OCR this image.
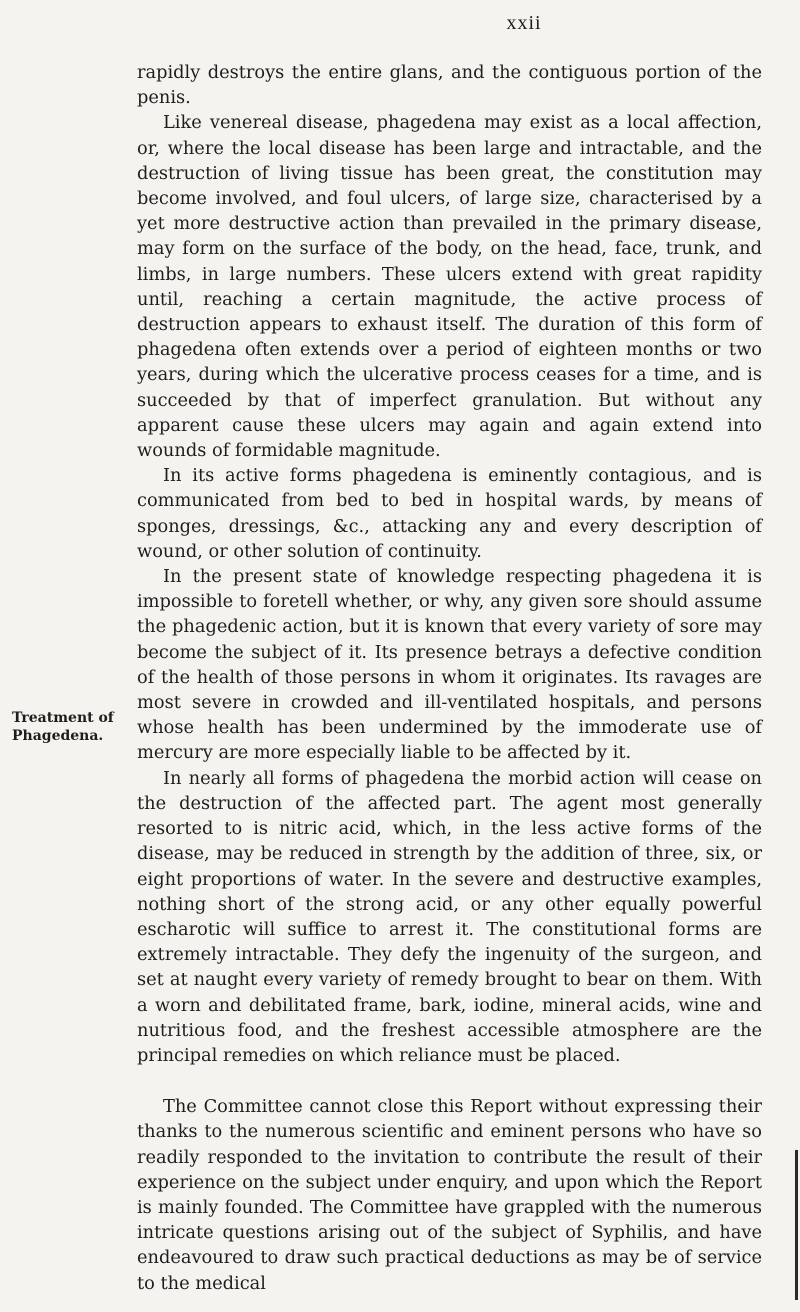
xxii
Treatment of
Phagedena.

rapidly destroys the entire glans, and the contiguous portion of the penis.

Like venereal disease, phagedena may exist as a local affection, or, where the local disease has been large and intractable, and the destruction of living tissue has been great, the constitution may become involved, and foul ulcers, of large size, characterised by a yet more destructive action than prevailed in the primary disease, may form on the surface of the body, on the head, face, trunk, and limbs, in large numbers. These ulcers extend with great rapidity until, reaching a certain magnitude, the active process of destruction appears to exhaust itself. The duration of this form of phagedena often extends over a period of eighteen months or two years, during which the ulcerative process ceases for a time, and is succeeded by that of imperfect granulation. But without any apparent cause these ulcers may again and again extend into wounds of formidable magnitude.

In its active forms phagedena is eminently contagious, and is communicated from bed to bed in hospital wards, by means of sponges, dressings, &c., attacking any and every description of wound, or other solution of continuity.

In the present state of knowledge respecting phagedena it is impossible to foretell whether, or why, any given sore should assume the phagedenic action, but it is known that every variety of sore may become the subject of it. Its presence betrays a defective condition of the health of those persons in whom it originates. Its ravages are most severe in crowded and ill-ventilated hospitals, and persons whose health has been undermined by the immoderate use of mercury are more especially liable to be affected by it.

In nearly all forms of phagedena the morbid action will cease on the destruction of the affected part. The agent most generally resorted to is nitric acid, which, in the less active forms of the disease, may be reduced in strength by the addition of three, six, or eight proportions of water. In the severe and destructive examples, nothing short of the strong acid, or any other equally powerful escharotic will suffice to arrest it. The constitutional forms are extremely intractable. They defy the ingenuity of the surgeon, and set at naught every variety of remedy brought to bear on them. With a worn and debilitated frame, bark, iodine, mineral acids, wine and nutritious food, and the freshest accessible atmosphere are the principal remedies on which reliance must be placed.

The Committee cannot close this Report without expressing their thanks to the numerous scientific and eminent persons who have so readily responded to the invitation to contribute the result of their experience on the subject under enquiry, and upon which the Report is mainly founded. The Committee have grappled with the numerous intricate questions arising out of the subject of Syphilis, and have endeavoured to draw such practical deductions as may be of service to the medical
